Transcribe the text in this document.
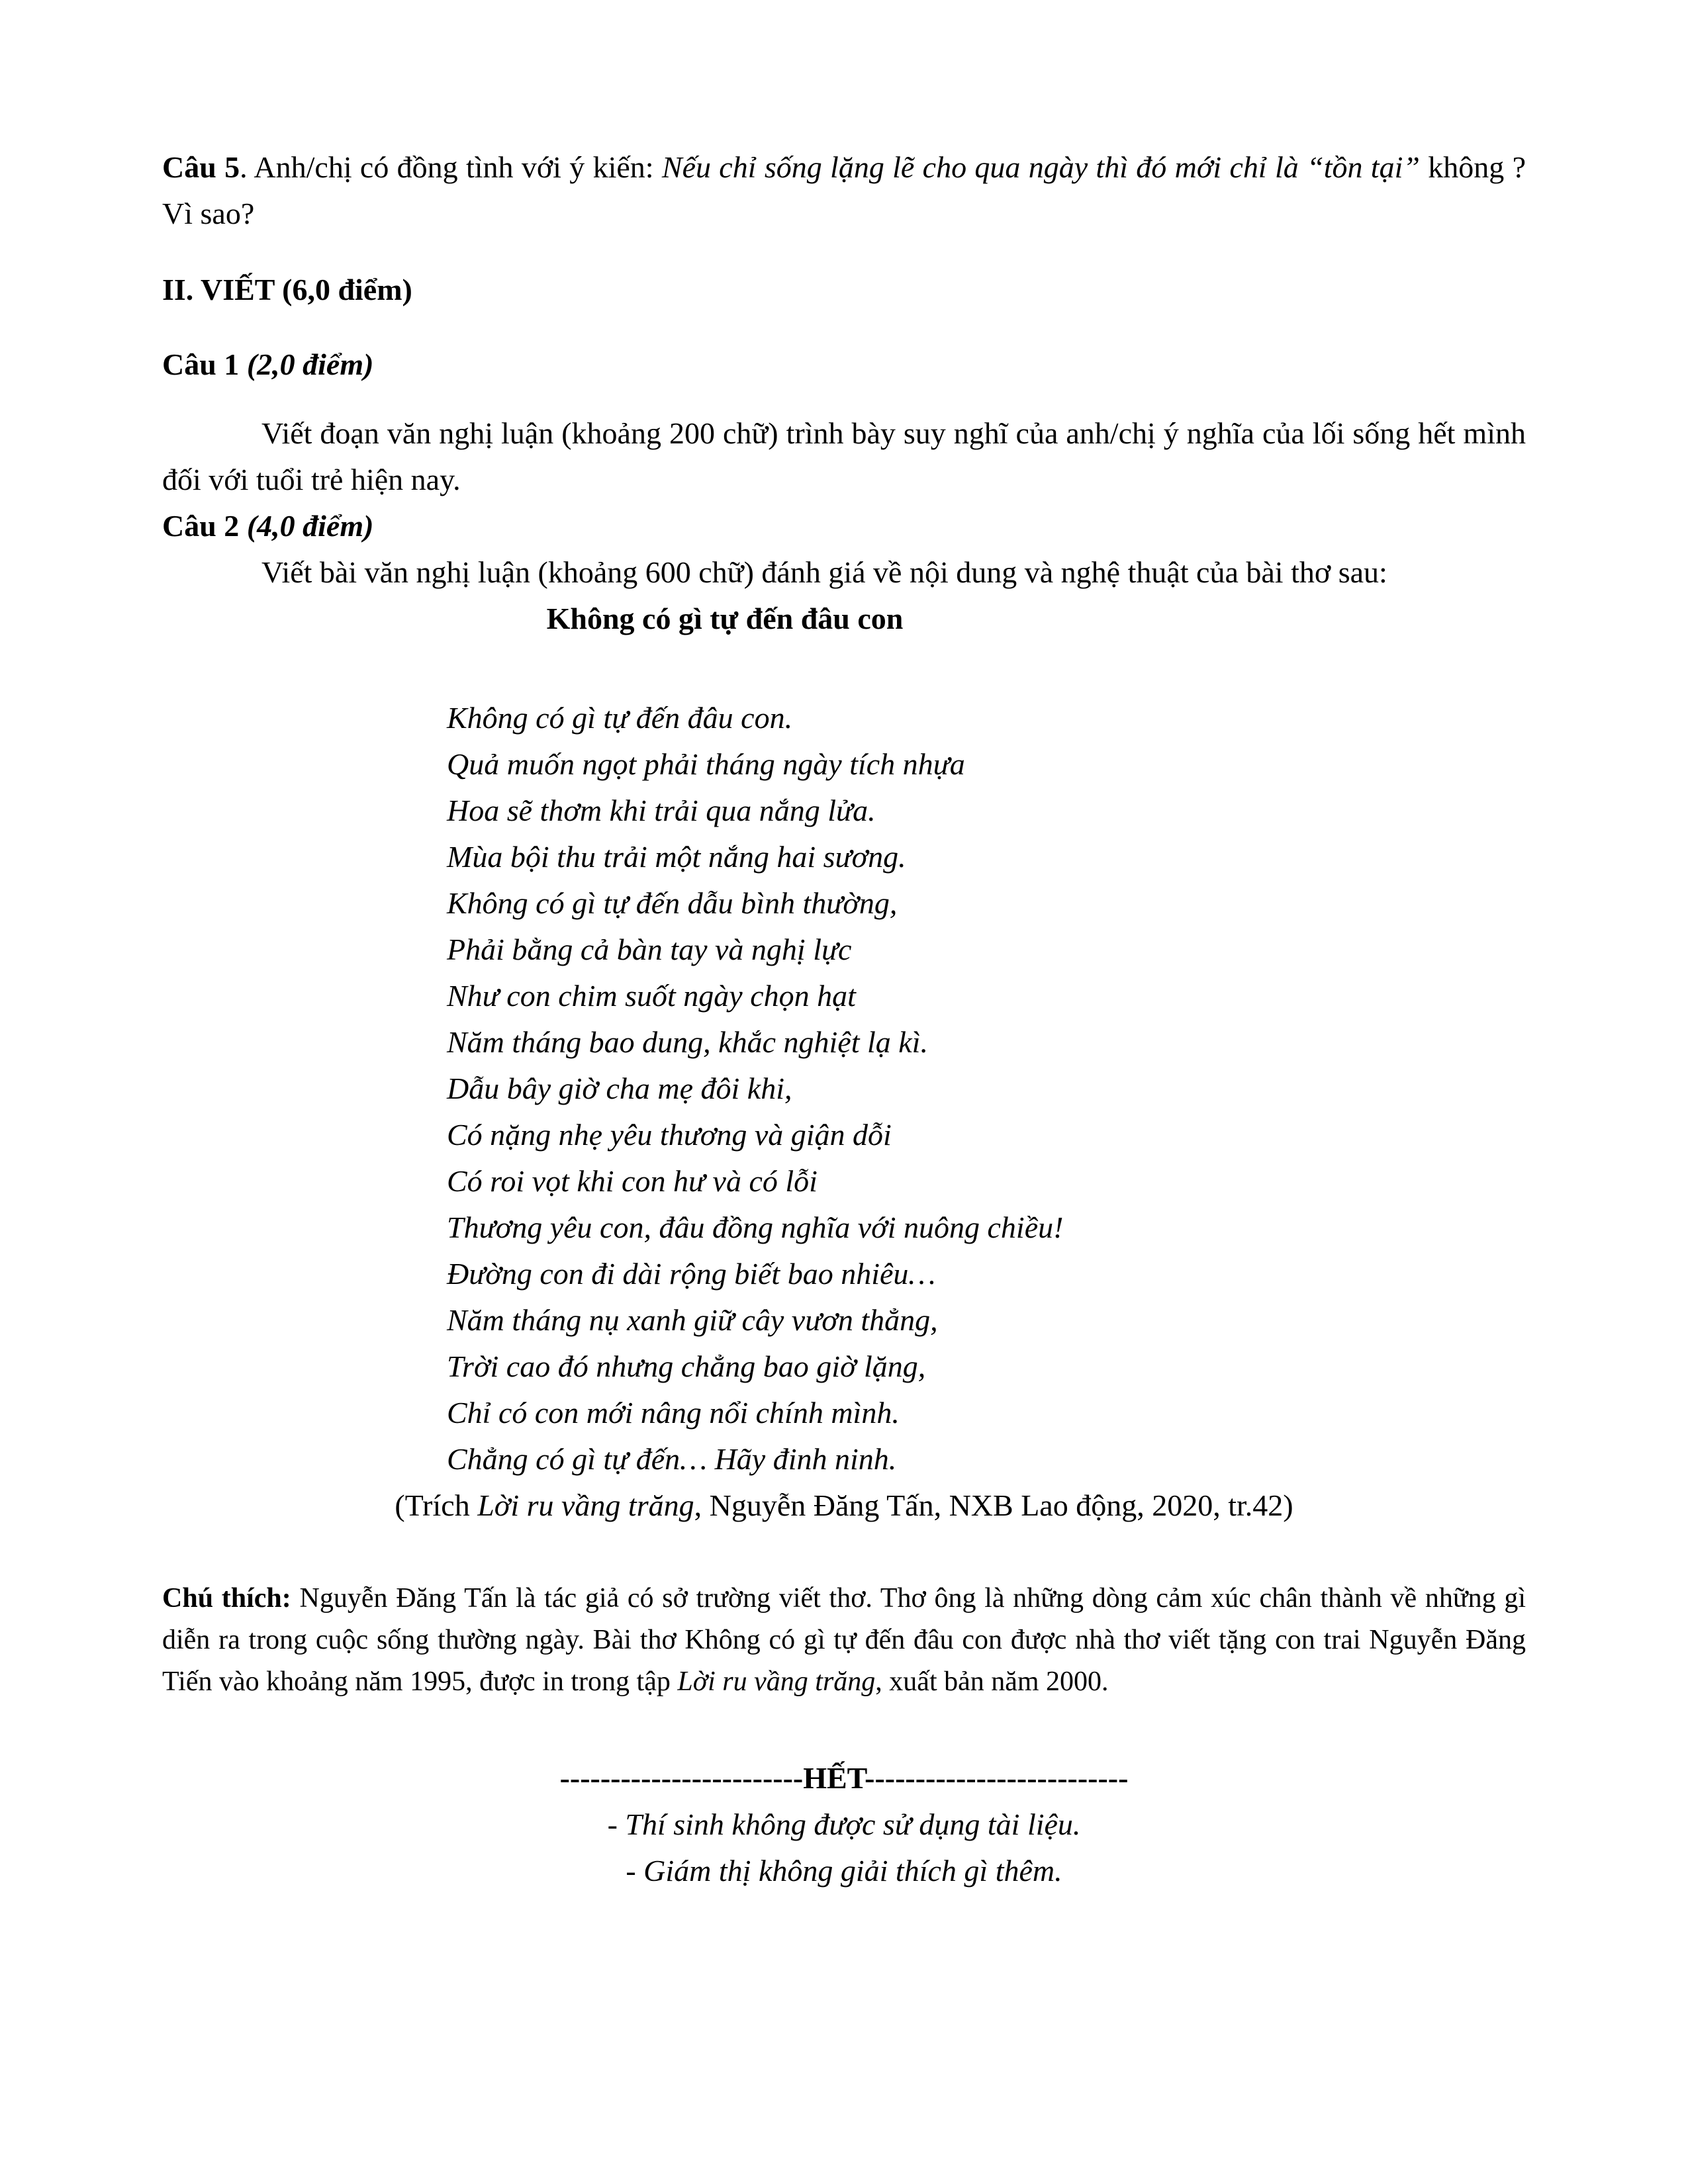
Câu 5. Anh/chị có đồng tình với ý kiến: Nếu chỉ sống lặng lẽ cho qua ngày thì đó mới chỉ là “tồn tại” không ? Vì sao?

II. VIẾT (6,0 điểm)

Câu 1 (2,0 điểm)

Viết đoạn văn nghị luận (khoảng 200 chữ) trình bày suy nghĩ của anh/chị ý nghĩa của lối sống hết mình đối với tuổi trẻ hiện nay.

Câu 2 (4,0 điểm)

Viết bài văn nghị luận (khoảng 600 chữ) đánh giá về nội dung và nghệ thuật của bài thơ sau:

Không có gì tự đến đâu con

Không có gì tự đến đâu con.
Quả muốn ngọt phải tháng ngày tích nhựa
Hoa sẽ thơm khi trải qua nắng lửa.
Mùa bội thu trải một nắng hai sương.
Không có gì tự đến dẫu bình thường,
Phải bằng cả bàn tay và nghị lực
Như con chim suốt ngày chọn hạt
Năm tháng bao dung, khắc nghiệt lạ kì.
Dẫu bây giờ cha mẹ đôi khi,
Có nặng nhẹ yêu thương và giận dỗi
Có roi vọt khi con hư và có lỗi
Thương yêu con, đâu đồng nghĩa với nuông chiều!
Đường con đi dài rộng biết bao nhiêu…
Năm tháng nụ xanh giữ cây vươn thẳng,
Trời cao đó nhưng chẳng bao giờ lặng,
Chỉ có con mới nâng nổi chính mình.
Chẳng có gì tự đến… Hãy đinh ninh.

(Trích Lời ru vầng trăng, Nguyễn Đăng Tấn, NXB Lao động, 2020, tr.42)

Chú thích: Nguyễn Đăng Tấn là tác giả có sở trường viết thơ. Thơ ông là những dòng cảm xúc chân thành về những gì diễn ra trong cuộc sống thường ngày. Bài thơ Không có gì tự đến đâu con được nhà thơ viết tặng con trai Nguyễn Đăng Tiến vào khoảng năm 1995, được in trong tập Lời ru vầng trăng, xuất bản năm 2000.

------------------------HẾT--------------------------

- Thí sinh không được sử dụng tài liệu.

- Giám thị không giải thích gì thêm.
